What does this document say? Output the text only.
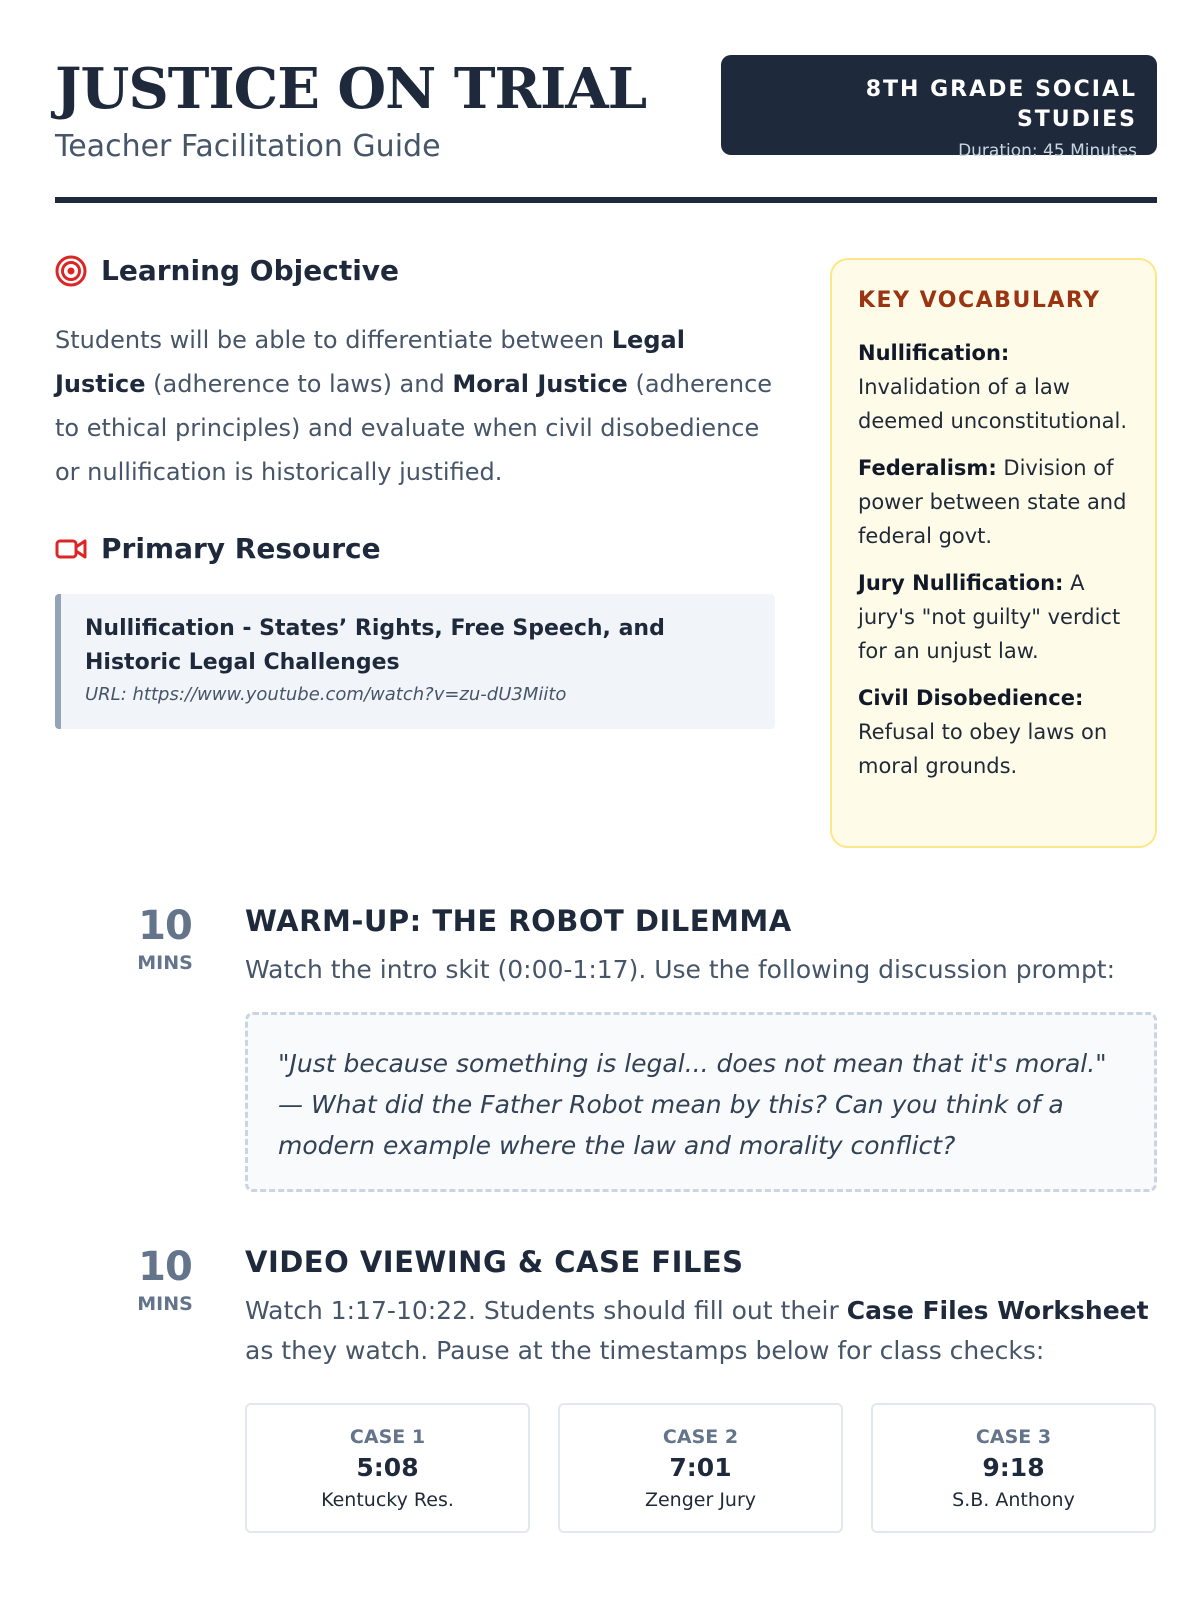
JUSTICE ON TRIAL
Teacher Facilitation Guide
8TH GRADE SOCIAL STUDIES
Duration: 45 Minutes
Learning Objective
Students will be able to differentiate between Legal Justice (adherence to laws) and Moral Justice (adherence to ethical principles) and evaluate when civil disobedience or nullification is historically justified.
Primary Resource
Nullification - States’ Rights, Free Speech, and Historic Legal Challenges
URL: https://www.youtube.com/watch?v=zu-dU3Miito
KEY VOCABULARY
Nullification:
Invalidation of a law deemed unconstitutional.
Federalism: Division of power between state and federal govt.
Jury Nullification: A jury's "not guilty" verdict for an unjust law.
Civil Disobedience:
Refusal to obey laws on moral grounds.
10
MINS
WARM-UP: THE ROBOT DILEMMA
Watch the intro skit (0:00-1:17). Use the following discussion prompt:
"Just because something is legal... does not mean that it's moral." — What did the Father Robot mean by this? Can you think of a modern example where the law and morality conflict?
10
MINS
VIDEO VIEWING & CASE FILES
Watch 1:17-10:22. Students should fill out their Case Files Worksheet as they watch. Pause at the timestamps below for class checks:
CASE 1
5:08
Kentucky Res.
CASE 2
7:01
Zenger Jury
CASE 3
9:18
S.B. Anthony
